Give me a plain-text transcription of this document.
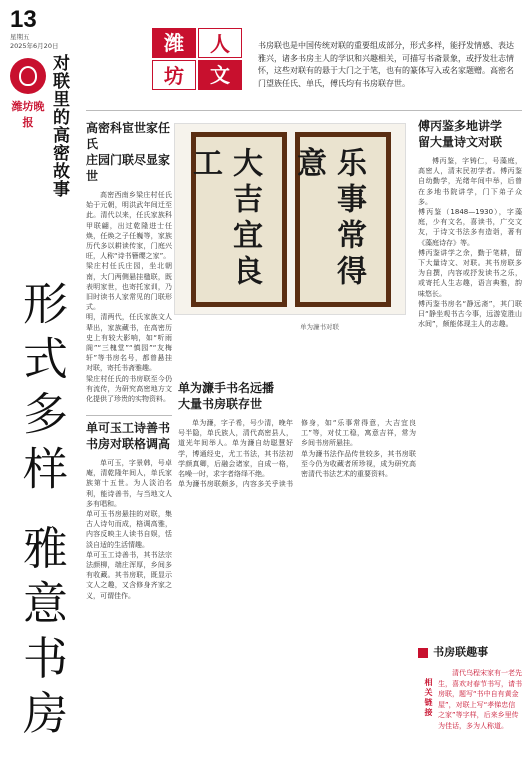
13
星期五
2025年6月20日
潍坊晚报 对联里的高密故事
形式多样 雅意书房
潍	人
坊	文
书房联也是中国传统对联的重要组成部分，形式多样，能抒发情感、表达雅兴，诸多书房主人的学识和兴趣相关，可描写书斋景象，或抒发壮志情怀，这些对联有的悬于大门之于笔，也有的篆体写入或名家题赠。高密名门望族任氏、单氏，傅氏均有书房联存世。
高密科宦世家任氏
庄园门联尽显家世
高密西南乡梁庄村任氏始于元朝，明洪武年间迁至此。清代以来，任氏家族科甲联翩，出过乾隆进士任焕，任焕之子任巍等，家族历代多以耕读传家，门庭兴旺，人称“诗书簪缨之家”。
梁庄村任氏庄园，坐北朝南，大门两侧悬挂楹联，既表明家世，也寄托家训，乃旧时读书人家常见的门联形式。
明，清两代，任氏家族文人辈出，家族藏书，在高密历史上有较大影响，如“听雨阁”“三槐堂”“慎园”“友梅轩”等书房名号，都曾悬挂对联，寄托书斋雅趣。
梁庄村任氏的书房联至今仍有流传，为研究高密地方文化提供了珍贵的实物资料。
单可玉工诗善书
书房对联格调高
单可玉，字景韩，号卓庵，清乾隆年间人，单氏家族第十五世。为人淡泊名利，能诗善书，与当地文人多有唱和。
单可玉书房悬挂的对联，集古人诗句而成，格调高雅，内容反映主人读书自娱，恬淡自适的生活情趣。
单可玉工诗善书，其书法宗法颜柳，端庄浑厚，乡间多有收藏。其书房联，既显示文人之趣，又含修身齐家之义，可谓佳作。
大吉宜良工	乐事常得意
单为濂书对联
单为濂手书名远播
大量书房联存世
单为濂，字子希，号少清，晚年号半隐，单氏族人，清代高密县人，道光年间举人。单为濂自幼聪慧好学，博通经史，尤工书法，其书法初学颜真卿，后融会诸家，自成一格，名噪一时，求字者络绎不绝。
单为濂书房联颇多，内容多关乎读书修身，如“乐事常得意，大吉宜良工”等，对仗工稳，寓意吉祥，常为乡间书房所悬挂。
单为濂书法作品传世较多，其书房联至今仍为收藏者所珍视，成为研究高密清代书法艺术的重要资料。
傅丙鉴多地讲学
留大量诗文对联
傅丙鉴，字铸仁，号藻庭，高密人，清末民初学者。傅丙鉴自幼勤学，光绪年间中举，后曾在多地书院讲学，门下弟子众多。
傅丙鉴（1848—1930），字藻庭，少有文名，喜读书，广交文友，于诗文书法多有造诣，著有《藻庭诗存》等。
傅丙鉴讲学之余，勤于笔耕，留下大量诗文、对联。其书房联多为自撰，内容或抒发读书之乐，或寄托人生志趣，语言典雅，韵味悠长。
傅丙鉴书房名“静远斋”，其门联曰“静坐观书古今事，远游览胜山水间”，颇能体现主人的志趣。
书房联趣事
相关链接
清代乌程宋家有一老先生，喜欢对春节书写，请书房联，题写“书中自有黄金屋”，对联上写“孝悌忠信之家”等字样，后来乡里传为佳话，多为人称道。
